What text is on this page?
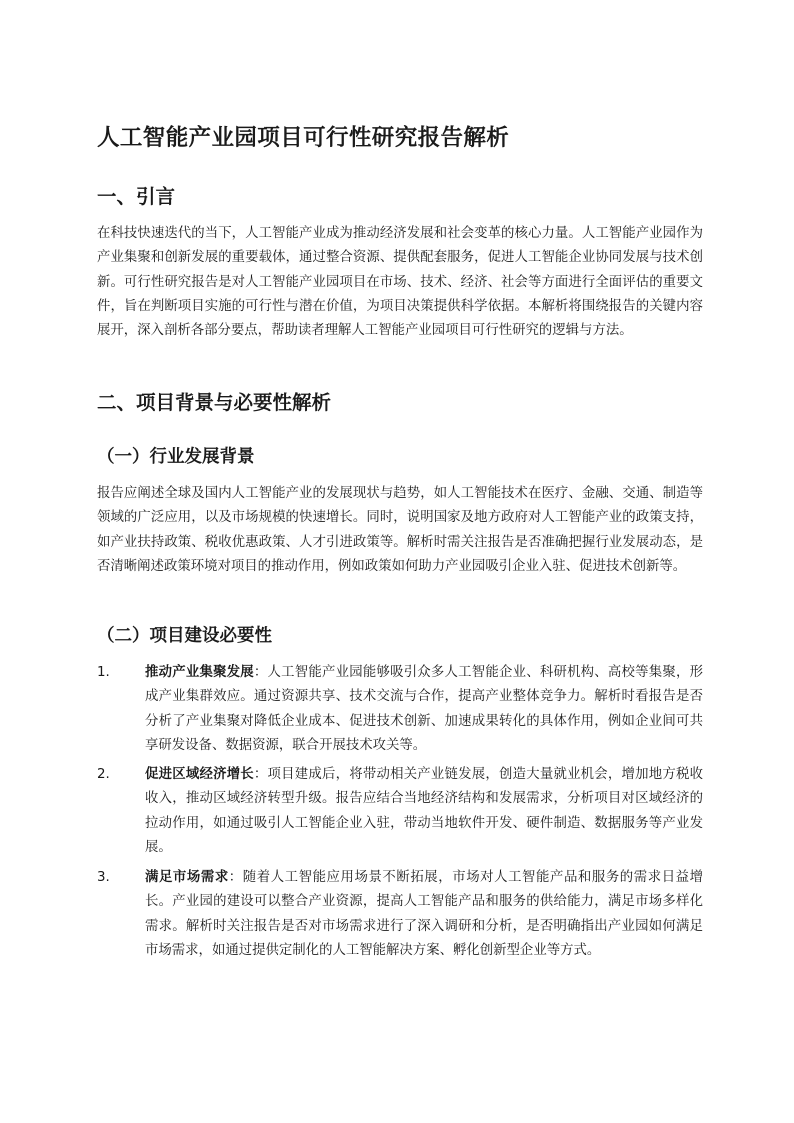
人工智能产业园项目可行性研究报告解析
一、引言

在科技快速迭代的当下，人工智能产业成为推动经济发展和社会变革的核心力量。人工智能产业园作为产业集聚和创新发展的重要载体，通过整合资源、提供配套服务，促进人工智能企业协同发展与技术创新。可行性研究报告是对人工智能产业园项目在市场、技术、经济、社会等方面进行全面评估的重要文件，旨在判断项目实施的可行性与潜在价值，为项目决策提供科学依据。本解析将围绕报告的关键内容展开，深入剖析各部分要点，帮助读者理解人工智能产业园项目可行性研究的逻辑与方法。

二、项目背景与必要性解析
（一）行业发展背景

报告应阐述全球及国内人工智能产业的发展现状与趋势，如人工智能技术在医疗、金融、交通、制造等领域的广泛应用，以及市场规模的快速增长。同时，说明国家及地方政府对人工智能产业的政策支持，如产业扶持政策、税收优惠政策、人才引进政策等。解析时需关注报告是否准确把握行业发展动态，是否清晰阐述政策环境对项目的推动作用，例如政策如何助力产业园吸引企业入驻、促进技术创新等。

（二）项目建设必要性
1.	推动产业集聚发展：人工智能产业园能够吸引众多人工智能企业、科研机构、高校等集聚，形成产业集群效应。通过资源共享、技术交流与合作，提高产业整体竞争力。解析时看报告是否分析了产业集聚对降低企业成本、促进技术创新、加速成果转化的具体作用，例如企业间可共享研发设备、数据资源，联合开展技术攻关等。

2.	促进区域经济增长：项目建成后，将带动相关产业链发展，创造大量就业机会，增加地方税收收入，推动区域经济转型升级。报告应结合当地经济结构和发展需求，分析项目对区域经济的拉动作用，如通过吸引人工智能企业入驻，带动当地软件开发、硬件制造、数据服务等产业发展。

3.	满足市场需求：随着人工智能应用场景不断拓展，市场对人工智能产品和服务的需求日益增长。产业园的建设可以整合产业资源，提高人工智能产品和服务的供给能力，满足市场多样化需求。解析时关注报告是否对市场需求进行了深入调研和分析，是否明确指出产业园如何满足市场需求，如通过提供定制化的人工智能解决方案、孵化创新型企业等方式。
